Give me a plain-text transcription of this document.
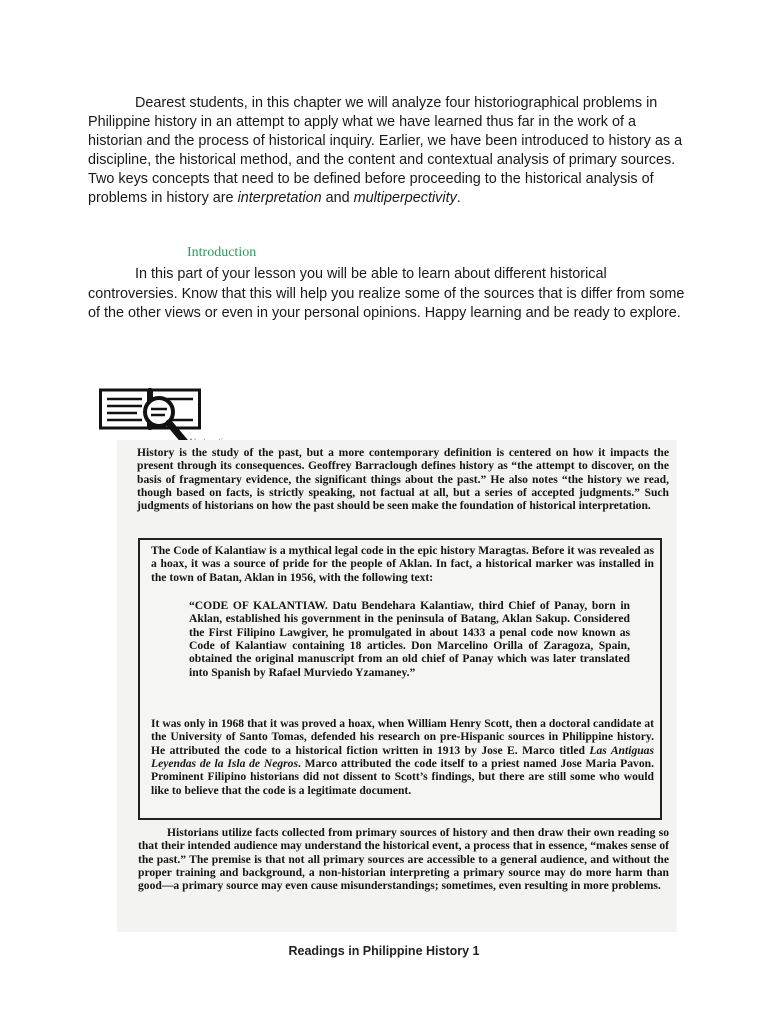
Dearest students, in this chapter we will analyze four historiographical problems in Philippine history in an attempt to apply what we have learned thus far in the work of a historian and the process of historical inquiry. Earlier, we have been introduced to history as a discipline, the historical method, and the content and contextual analysis of primary sources. Two keys concepts that need to be defined before proceeding to the historical analysis of problems in history are interpretation and multiperpectivity.

Introduction

In this part of your lesson you will be able to learn about different historical controversies. Know that this will help you realize some of the sources that is differ from some of the other views or even in your personal opinions. Happy learning and be ready to explore.

History is the study of the past, but a more contemporary definition is centered on how it impacts the present through its consequences. Geoffrey Barraclough defines history as “the attempt to discover, on the basis of fragmentary evidence, the significant things about the past.” He also notes “the history we read, though based on facts, is strictly speaking, not factual at all, but a series of accepted judgments.” Such judgments of historians on how the past should be seen make the foundation of historical interpretation.

The Code of Kalantiaw is a mythical legal code in the epic history Maragtas. Before it was revealed as a hoax, it was a source of pride for the people of Aklan. In fact, a historical marker was installed in the town of Batan, Aklan in 1956, with the following text:

“CODE OF KALANTIAW. Datu Bendehara Kalantiaw, third Chief of Panay, born in Aklan, established his government in the peninsula of Batang, Aklan Sakup. Considered the First Filipino Lawgiver, he promulgated in about 1433 a penal code now known as Code of Kalantiaw containing 18 articles. Don Marcelino Orilla of Zaragoza, Spain, obtained the original manuscript from an old chief of Panay which was later translated into Spanish by Rafael Murviedo Yzamaney.”

It was only in 1968 that it was proved a hoax, when William Henry Scott, then a doctoral candidate at the University of Santo Tomas, defended his research on pre-Hispanic sources in Philippine history. He attributed the code to a historical fiction written in 1913 by Jose E. Marco titled Las Antiguas Leyendas de la Isla de Negros. Marco attributed the code itself to a priest named Jose Maria Pavon. Prominent Filipino historians did not dissent to Scott’s findings, but there are still some who would like to believe that the code is a legitimate document.

Historians utilize facts collected from primary sources of history and then draw their own reading so that their intended audience may understand the historical event, a process that in essence, “makes sense of the past.” The premise is that not all primary sources are accessible to a general audience, and without the proper training and background, a non-historian interpreting a primary source may do more harm than good—a primary source may even cause misunderstandings; sometimes, even resulting in more problems.

Readings in Philippine History 1
